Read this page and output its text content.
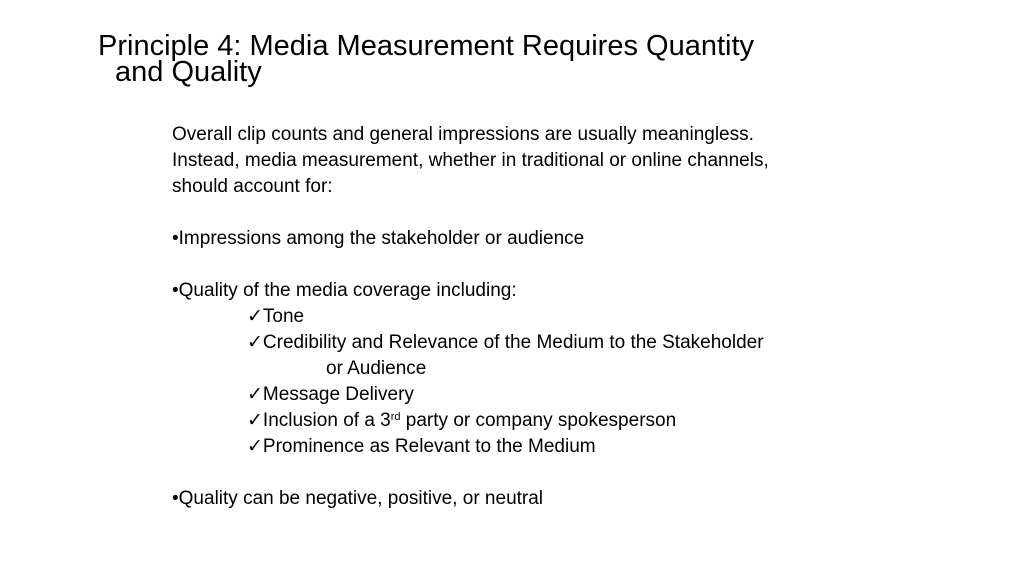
Principle 4: Media Measurement Requires Quantity
and Quality
Overall clip counts and general impressions are usually meaningless.
Instead, media measurement, whether in traditional or online channels,
should account for:
•Impressions among the stakeholder or audience
•Quality of the media coverage including:
✓Tone
✓Credibility and Relevance of the Medium to the Stakeholder
or Audience
✓Message Delivery
✓Inclusion of a 3rd party or company spokesperson
✓Prominence as Relevant to the Medium
•Quality can be negative, positive, or neutral
